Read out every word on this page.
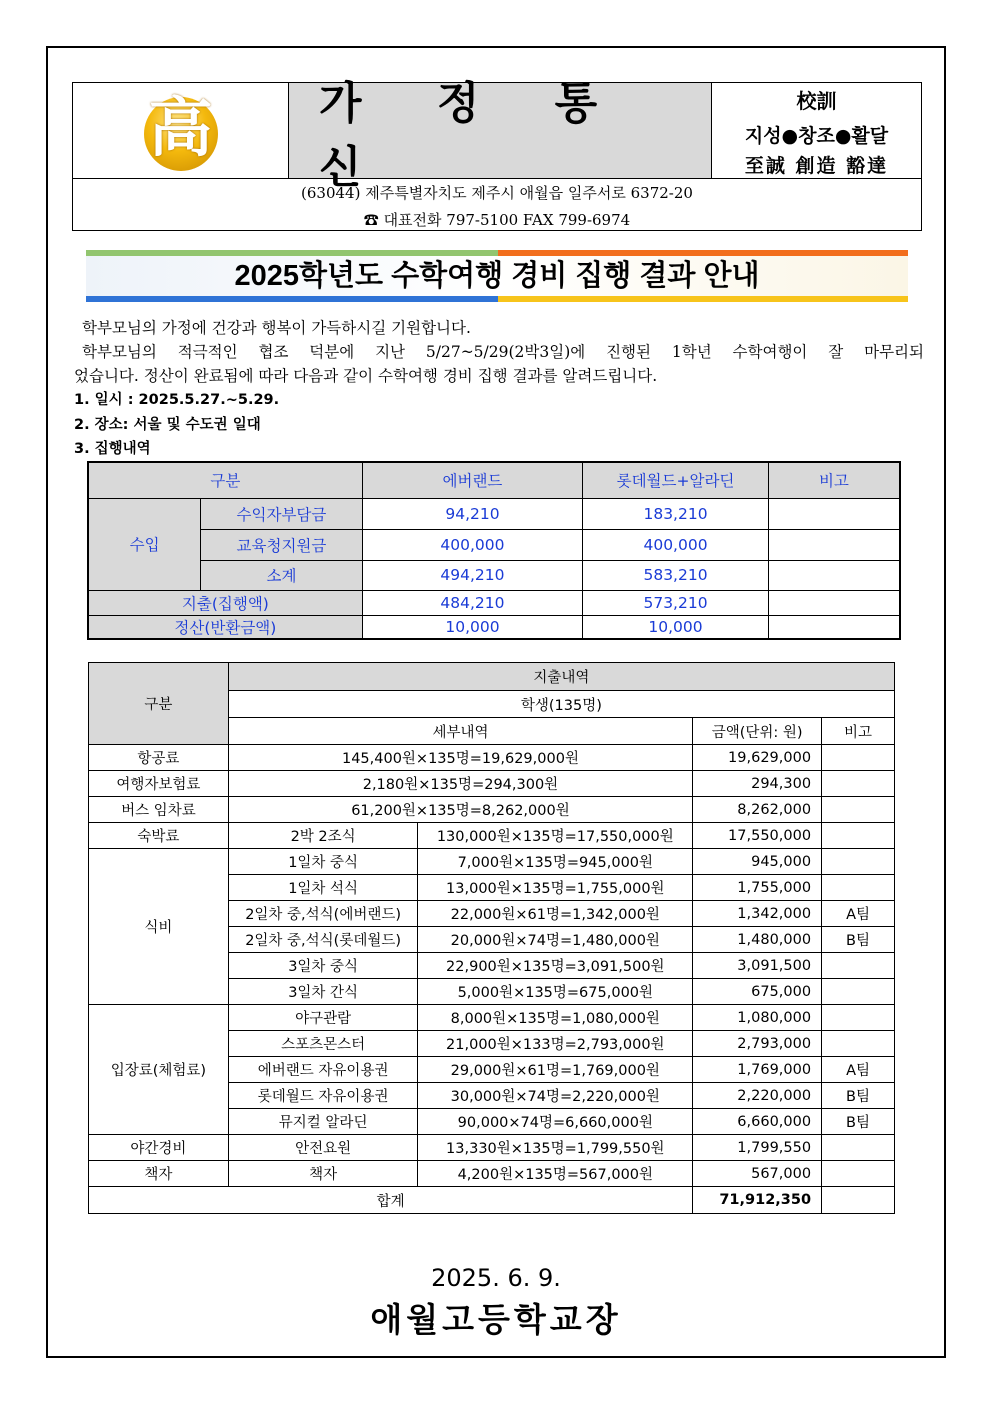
高	가 정 통 신
校訓
지성●창조●활달
至誠 創造 豁達
(63044) 제주특별자치도 제주시 애월읍 일주서로 6372-20
☎ 대표전화 797-5100 FAX 799-6974
2025학년도 수학여행 경비 집행 결과 안내
학부모님의 가정에 건강과 행복이 가득하시길 기원합니다.
학부모님의 적극적인 협조 덕분에 지난 5/27~5/29(2박3일)에 진행된 1학년 수학여행이 잘 마무리되
었습니다. 정산이 완료됨에 따라 다음과 같이 수학여행 경비 집행 결과를 알려드립니다.
1. 일시 : 2025.5.27.~5.29.
2. 장소: 서울 및 수도권 일대
3. 집행내역
구분		에버랜드	롯데월드+알라딘	비고
수입	수익자부담금	94,210	183,210	
	교육청지원금	400,000	400,000	
	소계	494,210	583,210	
지출(집행액)		484,210	573,210	
정산(반환금액)		10,000	10,000	
구분	지출내역			
	학생(135명)			
	세부내역		금액(단위: 원)	비고
항공료	145,400원×135명=19,629,000원		19,629,000	
여행자보험료	2,180원×135명=294,300원		294,300	
버스 임차료	61,200원×135명=8,262,000원		8,262,000	
숙박료	2박 2조식	130,000원×135명=17,550,000원	17,550,000	
식비	1일차 중식	7,000원×135명=945,000원	945,000	
	1일차 석식	13,000원×135명=1,755,000원	1,755,000	
	2일차 중,석식(에버랜드)	22,000원×61명=1,342,000원	1,342,000	A팀
	2일차 중,석식(롯데월드)	20,000원×74명=1,480,000원	1,480,000	B팀
	3일차 중식	22,900원×135명=3,091,500원	3,091,500	
	3일차 간식	5,000원×135명=675,000원	675,000	
입장료(체험료)	야구관람	8,000원×135명=1,080,000원	1,080,000	
	스포츠몬스터	21,000원×133명=2,793,000원	2,793,000	
	에버랜드 자유이용권	29,000원×61명=1,769,000원	1,769,000	A팀
	롯데월드 자유이용권	30,000원×74명=2,220,000원	2,220,000	B팀
	뮤지컬 알라딘	90,000×74명=6,660,000원	6,660,000	B팀
야간경비	안전요원	13,330원×135명=1,799,550원	1,799,550	
책자	책자	4,200원×135명=567,000원	567,000	
합계			71,912,350	
2025. 6. 9.
애월고등학교장
